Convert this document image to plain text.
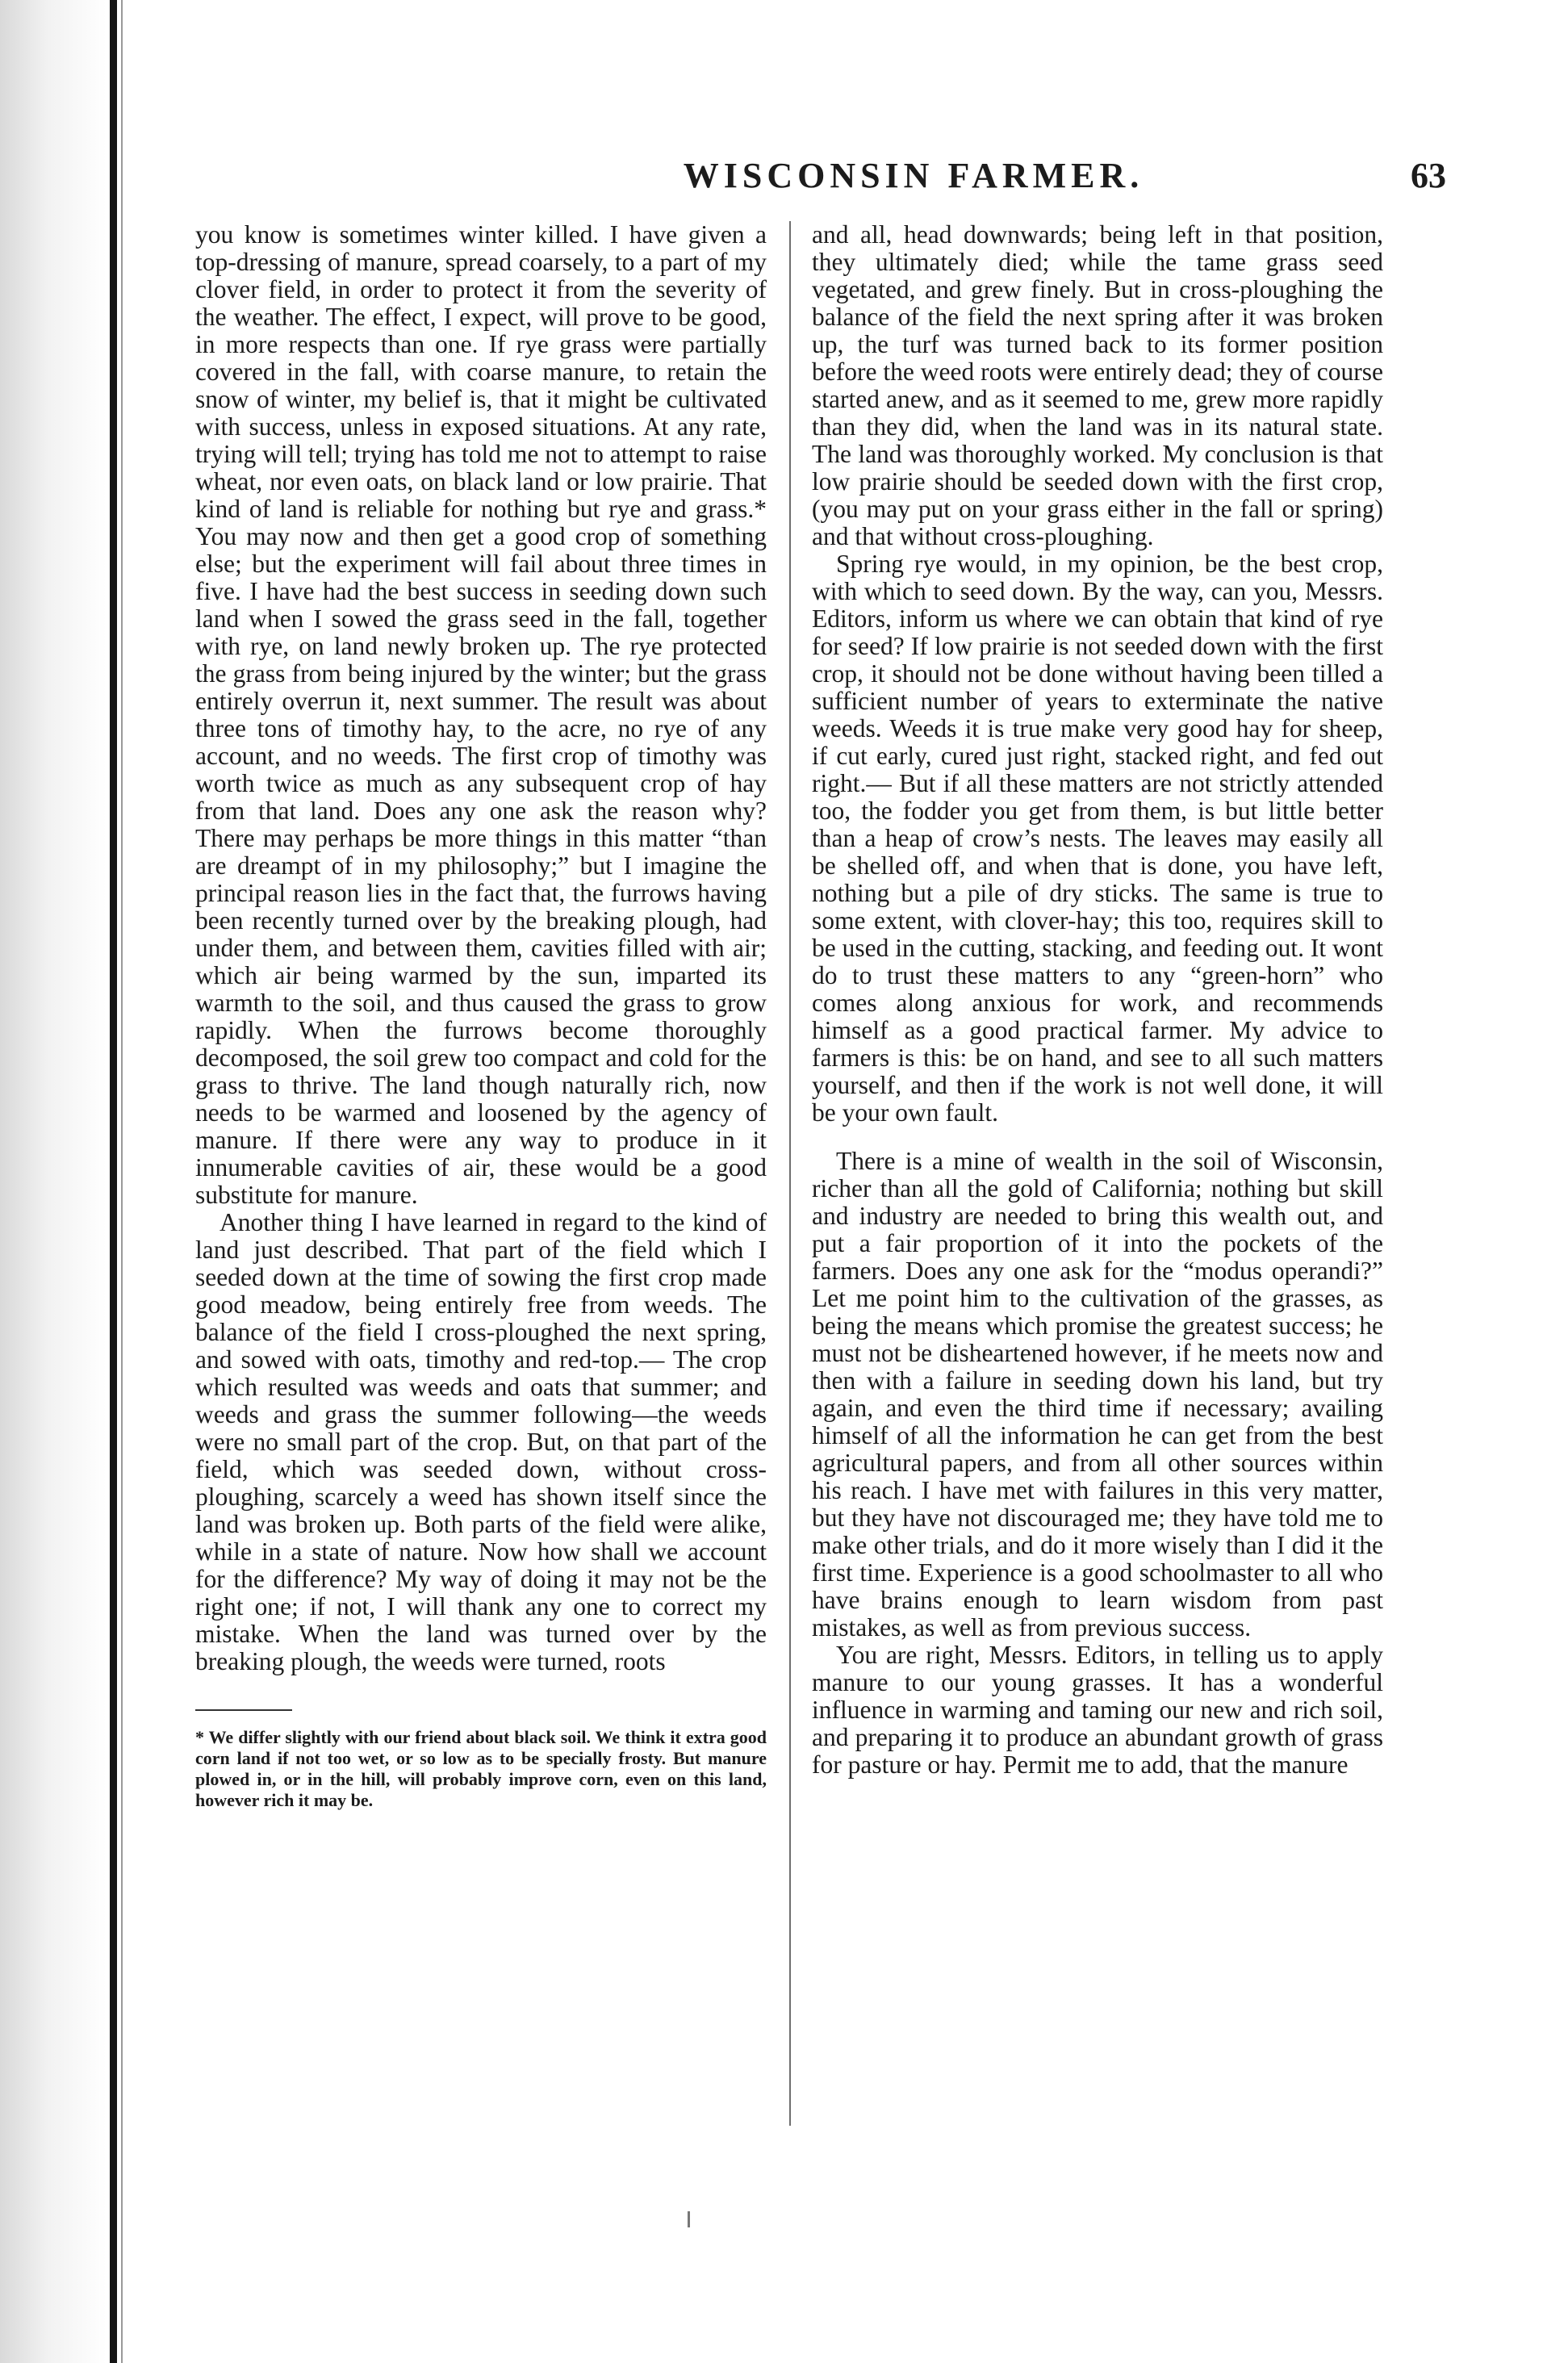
WISCONSIN FARMER.	63

you know is sometimes winter killed. I have given a top-dressing of manure, spread coarsely, to a part of my clover field, in order to protect it from the severity of the weather. The effect, I expect, will prove to be good, in more respects than one. If rye grass were partially covered in the fall, with coarse manure, to retain the snow of winter, my belief is, that it might be cultivated with success, unless in exposed situations. At any rate, trying will tell; trying has told me not to attempt to raise wheat, nor even oats, on black land or low prairie. That kind of land is reliable for nothing but rye and grass.* You may now and then get a good crop of something else; but the experiment will fail about three times in five. I have had the best success in seeding down such land when I sowed the grass seed in the fall, together with rye, on land newly broken up. The rye protected the grass from being injured by the winter; but the grass entirely overrun it, next summer. The result was about three tons of timothy hay, to the acre, no rye of any account, and no weeds. The first crop of timothy was worth twice as much as any subsequent crop of hay from that land. Does any one ask the reason why? There may perhaps be more things in this matter “than are dreampt of in my philosophy;” but I imagine the principal reason lies in the fact that, the furrows having been recently turned over by the breaking plough, had under them, and between them, cavities filled with air; which air being warmed by the sun, imparted its warmth to the soil, and thus caused the grass to grow rapidly. When the furrows become thoroughly decomposed, the soil grew too compact and cold for the grass to thrive. The land though naturally rich, now needs to be warmed and loosened by the agency of manure. If there were any way to produce in it innumerable cavities of air, these would be a good substitute for manure.

Another thing I have learned in regard to the kind of land just described. That part of the field which I seeded down at the time of sowing the first crop made good meadow, being entirely free from weeds. The balance of the field I cross-ploughed the next spring, and sowed with oats, timothy and red-top.— The crop which resulted was weeds and oats that summer; and weeds and grass the summer following—the weeds were no small part of the crop. But, on that part of the field, which was seeded down, without cross-ploughing, scarcely a weed has shown itself since the land was broken up. Both parts of the field were alike, while in a state of nature. Now how shall we account for the difference? My way of doing it may not be the right one; if not, I will thank any one to correct my mistake. When the land was turned over by the breaking plough, the weeds were turned, roots

* We differ slightly with our friend about black soil. We think it extra good corn land if not too wet, or so low as to be specially frosty. But manure plowed in, or in the hill, will probably improve corn, even on this land, however rich it may be.

and all, head downwards; being left in that position, they ultimately died; while the tame grass seed vegetated, and grew finely. But in cross-ploughing the balance of the field the next spring after it was broken up, the turf was turned back to its former position before the weed roots were entirely dead; they of course started anew, and as it seemed to me, grew more rapidly than they did, when the land was in its natural state. The land was thoroughly worked. My conclusion is that low prairie should be seeded down with the first crop, (you may put on your grass either in the fall or spring) and that without cross-ploughing.

Spring rye would, in my opinion, be the best crop, with which to seed down. By the way, can you, Messrs. Editors, inform us where we can obtain that kind of rye for seed? If low prairie is not seeded down with the first crop, it should not be done without having been tilled a sufficient number of years to exterminate the native weeds. Weeds it is true make very good hay for sheep, if cut early, cured just right, stacked right, and fed out right.— But if all these matters are not strictly attended too, the fodder you get from them, is but little better than a heap of crow’s nests. The leaves may easily all be shelled off, and when that is done, you have left, nothing but a pile of dry sticks. The same is true to some extent, with clover-hay; this too, requires skill to be used in the cutting, stacking, and feeding out. It wont do to trust these matters to any “green-horn” who comes along anxious for work, and recommends himself as a good practical farmer. My advice to farmers is this: be on hand, and see to all such matters yourself, and then if the work is not well done, it will be your own fault.

There is a mine of wealth in the soil of Wisconsin, richer than all the gold of California; nothing but skill and industry are needed to bring this wealth out, and put a fair proportion of it into the pockets of the farmers. Does any one ask for the “modus operandi?” Let me point him to the cultivation of the grasses, as being the means which promise the greatest success; he must not be disheartened however, if he meets now and then with a failure in seeding down his land, but try again, and even the third time if necessary; availing himself of all the information he can get from the best agricultural papers, and from all other sources within his reach. I have met with failures in this very matter, but they have not discouraged me; they have told me to make other trials, and do it more wisely than I did it the first time. Experience is a good schoolmaster to all who have brains enough to learn wisdom from past mistakes, as well as from previous success.

You are right, Messrs. Editors, in telling us to apply manure to our young grasses. It has a wonderful influence in warming and taming our new and rich soil, and preparing it to produce an abundant growth of grass for pasture or hay. Permit me to add, that the manure
